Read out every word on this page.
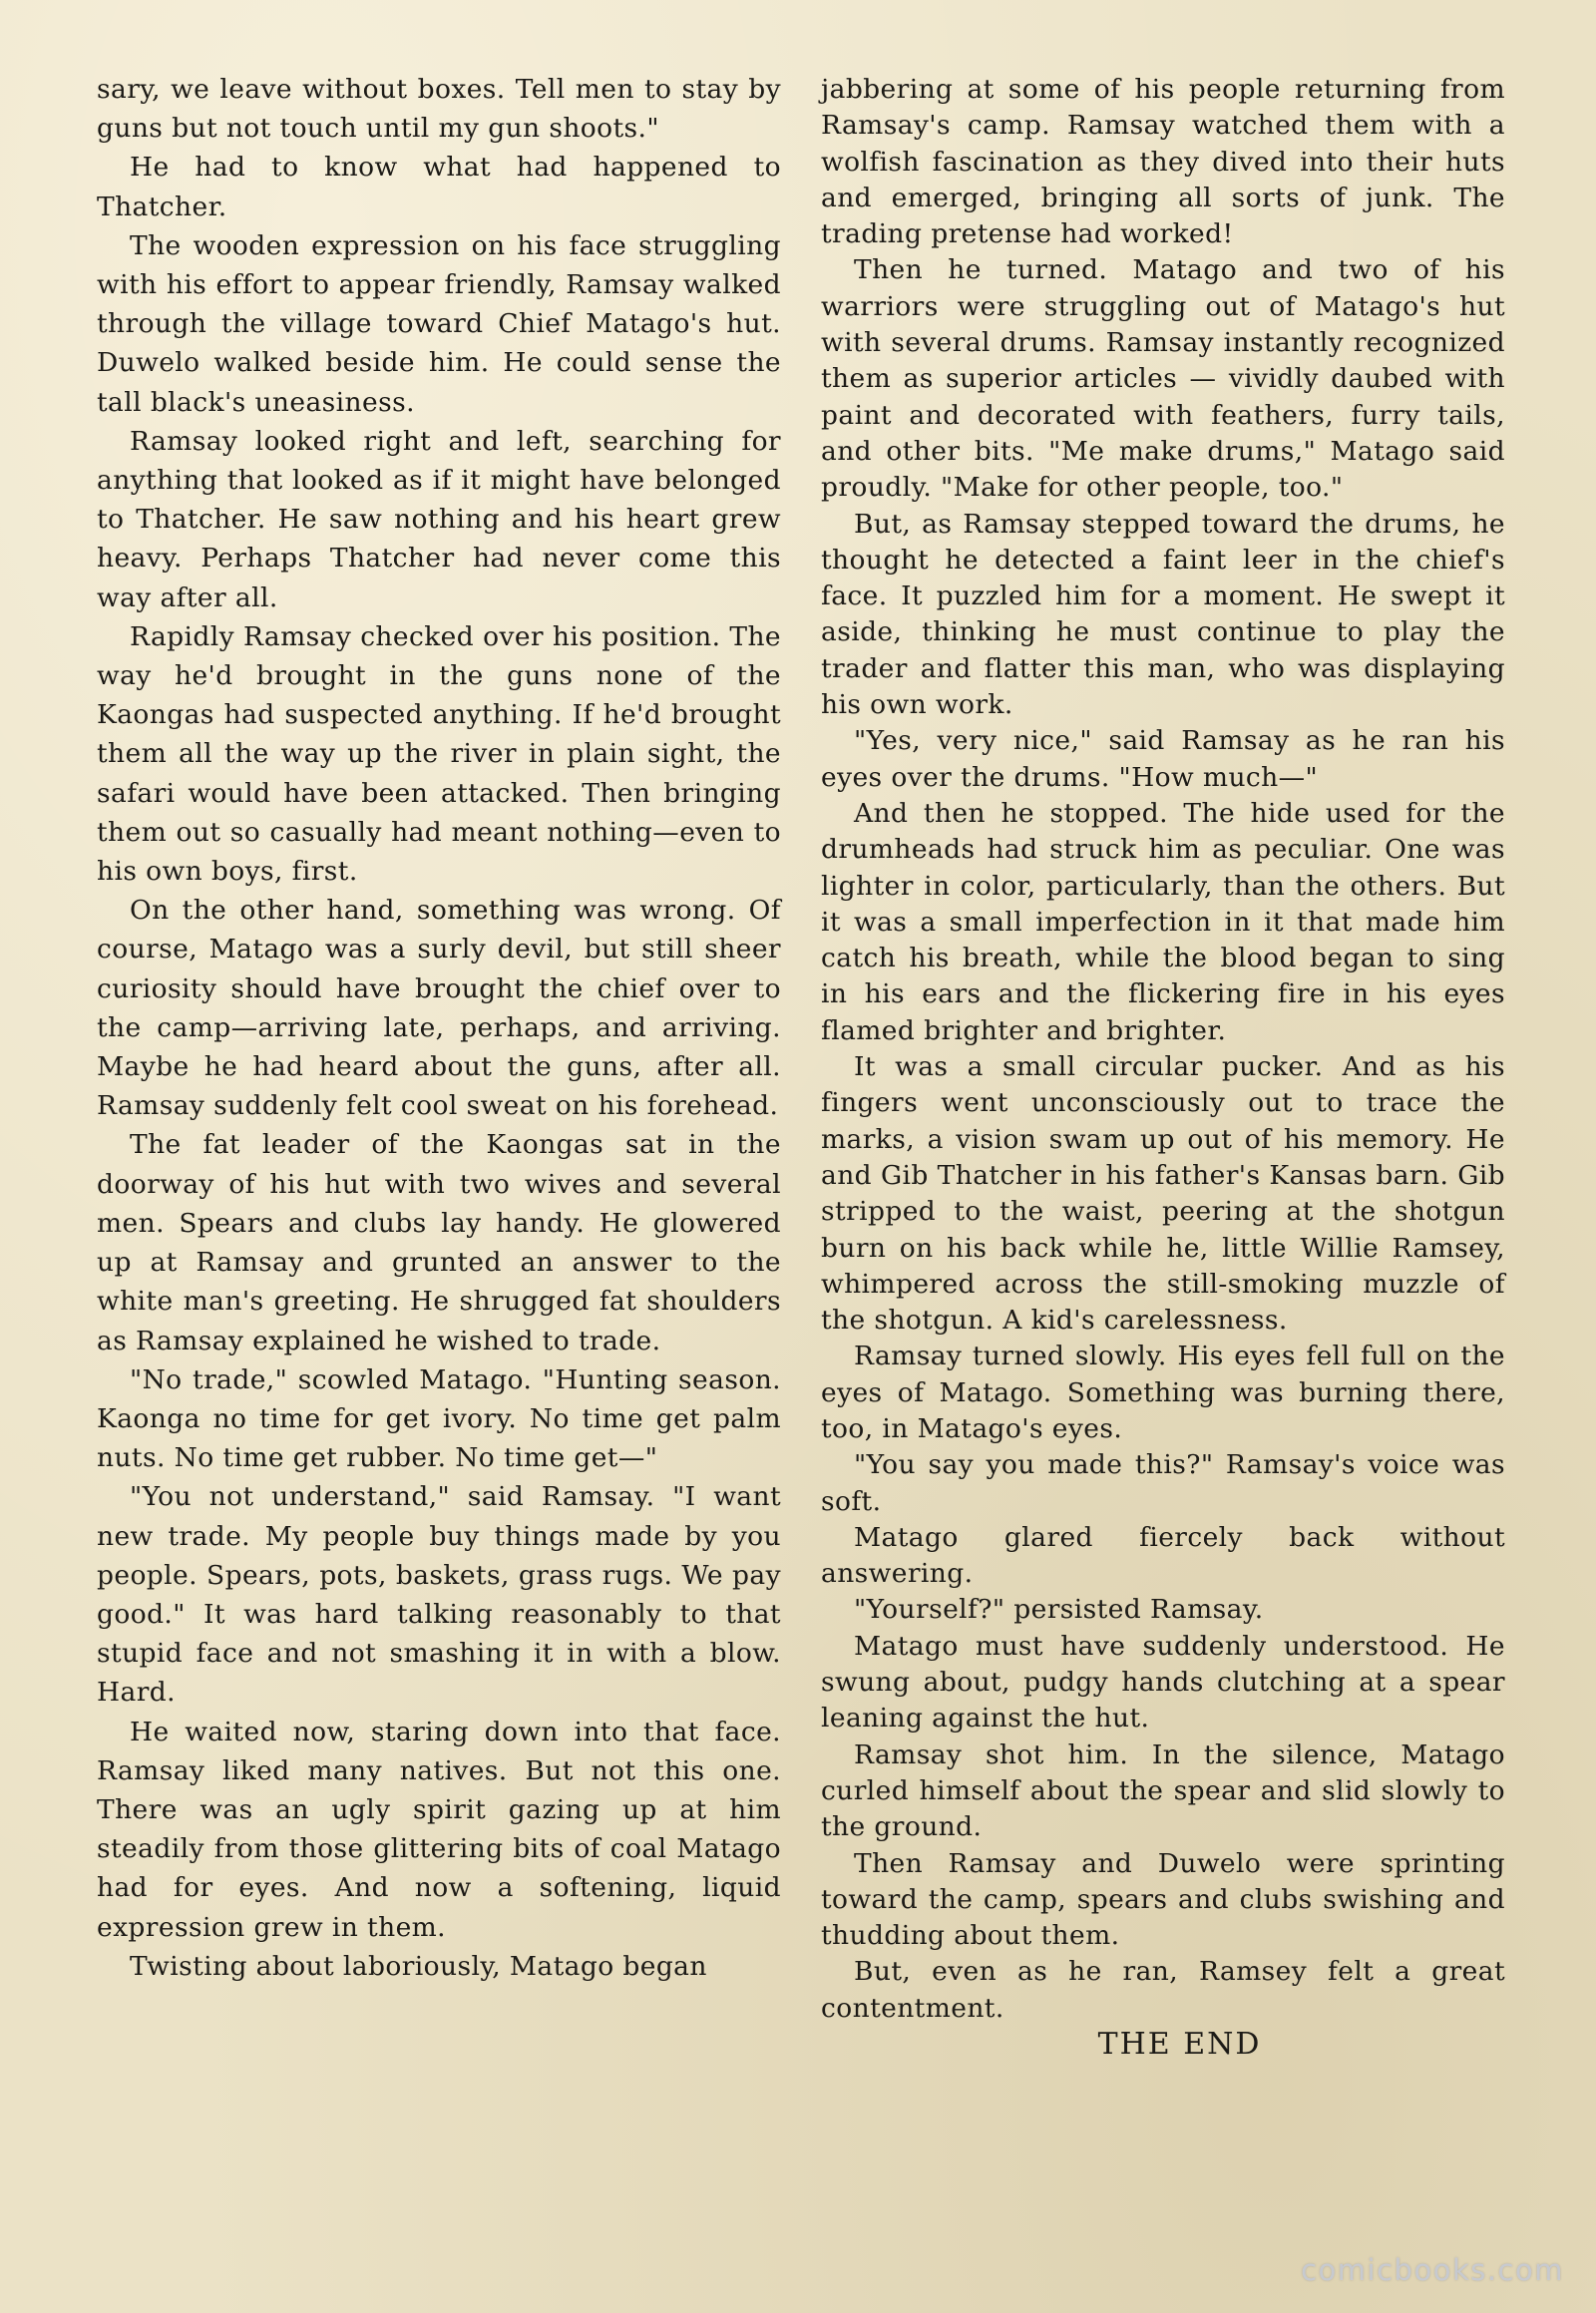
sary, we leave without boxes. Tell men to stay by guns but not touch until my gun shoots."

He had to know what had happened to Thatcher.

The wooden expression on his face struggling with his effort to appear friendly, Ramsay walked through the village toward Chief Matago's hut. Duwelo walked beside him. He could sense the tall black's uneasiness.

Ramsay looked right and left, searching for anything that looked as if it might have belonged to Thatcher. He saw nothing and his heart grew heavy. Perhaps Thatcher had never come this way after all.

Rapidly Ramsay checked over his position. The way he'd brought in the guns none of the Kaongas had suspected anything. If he'd brought them all the way up the river in plain sight, the safari would have been attacked. Then bringing them out so casually had meant nothing—even to his own boys, first.

On the other hand, something was wrong. Of course, Matago was a surly devil, but still sheer curiosity should have brought the chief over to the camp—arriving late, perhaps, and arriving. Maybe he had heard about the guns, after all. Ramsay suddenly felt cool sweat on his forehead.

The fat leader of the Kaongas sat in the doorway of his hut with two wives and several men. Spears and clubs lay handy. He glowered up at Ramsay and grunted an answer to the white man's greeting. He shrugged fat shoulders as Ramsay explained he wished to trade.

"No trade," scowled Matago. "Hunting season. Kaonga no time for get ivory. No time get palm nuts. No time get rubber. No time get—"

"You not understand," said Ramsay. "I want new trade. My people buy things made by you people. Spears, pots, baskets, grass rugs. We pay good." It was hard talking reasonably to that stupid face and not smashing it in with a blow. Hard.

He waited now, staring down into that face. Ramsay liked many natives. But not this one. There was an ugly spirit gazing up at him steadily from those glittering bits of coal Matago had for eyes. And now a softening, liquid expression grew in them.

Twisting about laboriously, Matago began

jabbering at some of his people returning from Ramsay's camp. Ramsay watched them with a wolfish fascination as they dived into their huts and emerged, bringing all sorts of junk. The trading pretense had worked!

Then he turned. Matago and two of his warriors were struggling out of Matago's hut with several drums. Ramsay instantly recognized them as superior articles — vividly daubed with paint and decorated with feathers, furry tails, and other bits. "Me make drums," Matago said proudly. "Make for other people, too."

But, as Ramsay stepped toward the drums, he thought he detected a faint leer in the chief's face. It puzzled him for a moment. He swept it aside, thinking he must continue to play the trader and flatter this man, who was displaying his own work.

"Yes, very nice," said Ramsay as he ran his eyes over the drums. "How much—"

And then he stopped. The hide used for the drumheads had struck him as peculiar. One was lighter in color, particularly, than the others. But it was a small imperfection in it that made him catch his breath, while the blood began to sing in his ears and the flickering fire in his eyes flamed brighter and brighter.

It was a small circular pucker. And as his fingers went unconsciously out to trace the marks, a vision swam up out of his memory. He and Gib Thatcher in his father's Kansas barn. Gib stripped to the waist, peering at the shotgun burn on his back while he, little Willie Ramsey, whimpered across the still-smoking muzzle of the shotgun. A kid's carelessness.

Ramsay turned slowly. His eyes fell full on the eyes of Matago. Something was burning there, too, in Matago's eyes.

"You say you made this?" Ramsay's voice was soft.

Matago glared fiercely back without answering.

"Yourself?" persisted Ramsay.

Matago must have suddenly understood. He swung about, pudgy hands clutching at a spear leaning against the hut.

Ramsay shot him. In the silence, Matago curled himself about the spear and slid slowly to the ground.

Then Ramsay and Duwelo were sprinting toward the camp, spears and clubs swishing and thudding about them.

But, even as he ran, Ramsey felt a great contentment.

THE END

comicbooks.com
